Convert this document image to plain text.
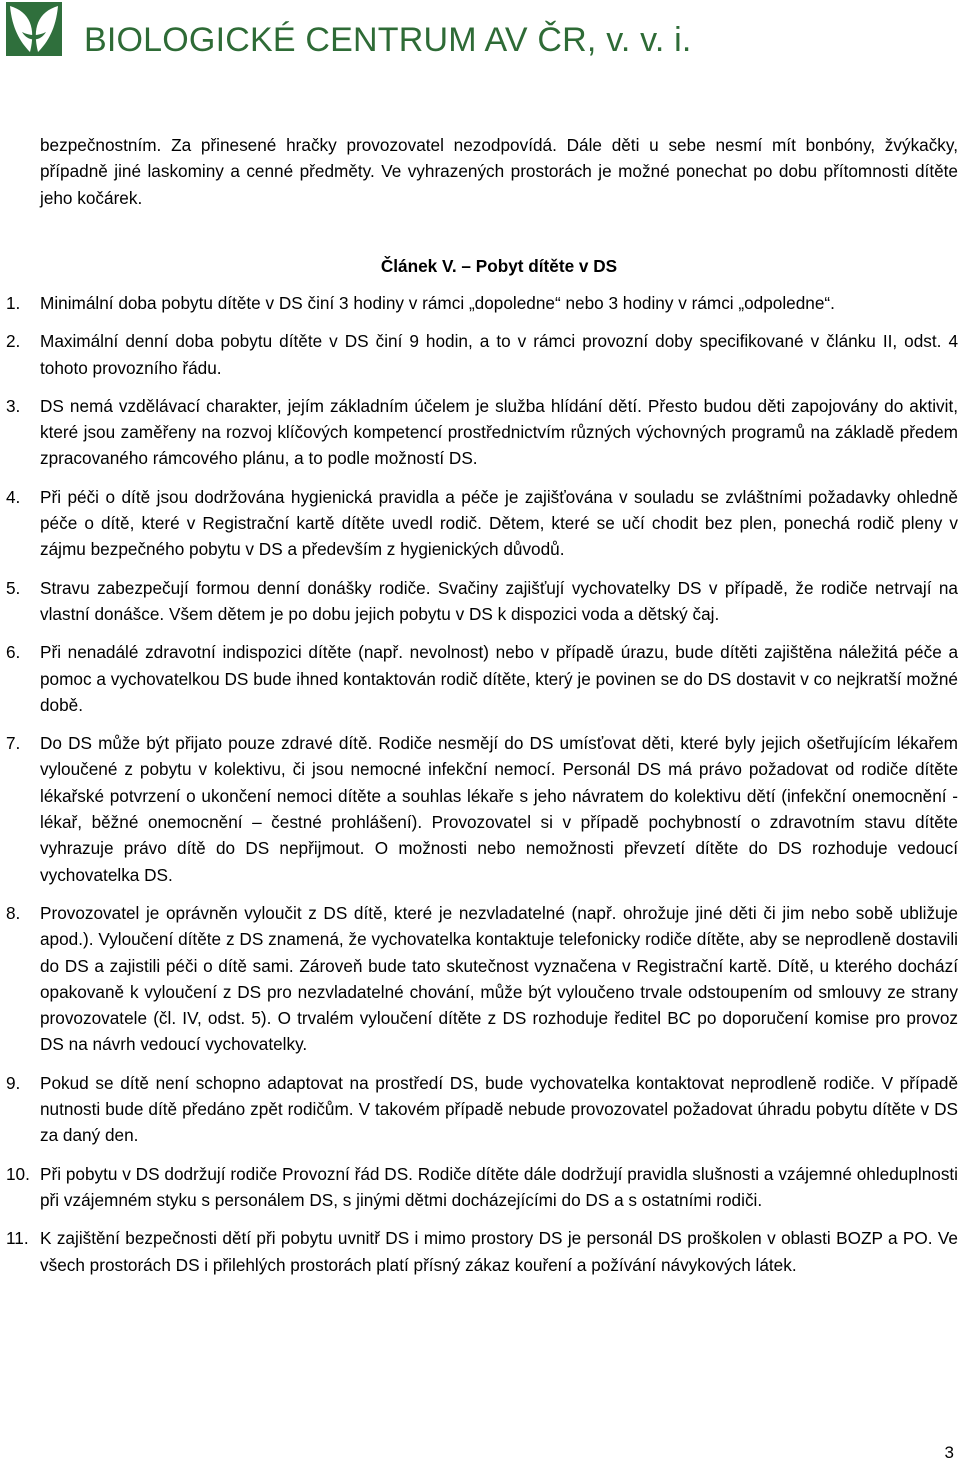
BIOLOGICKÉ CENTRUM AV ČR, v. v. i.

bezpečnostním. Za přinesené hračky provozovatel nezodpovídá. Dále děti u sebe nesmí mít bonbóny, žvýkačky, případně jiné laskominy a cenné předměty. Ve vyhrazených prostorách je možné ponechat po dobu přítomnosti dítěte jeho kočárek.

Článek V. – Pobyt dítěte v DS
1.	Minimální doba pobytu dítěte v DS činí 3 hodiny v rámci „dopoledne“ nebo 3 hodiny v rámci „odpoledne“.
2.	Maximální denní doba pobytu dítěte v DS činí 9 hodin, a to v rámci provozní doby specifikované v článku II, odst. 4 tohoto provozního řádu.
3.	DS nemá vzdělávací charakter, jejím základním účelem je služba hlídání dětí. Přesto budou děti zapojovány do aktivit, které jsou zaměřeny na rozvoj klíčových kompetencí prostřednictvím různých výchovných programů na základě předem zpracovaného rámcového plánu, a to podle možností DS.
4.	Při péči o dítě jsou dodržována hygienická pravidla a péče je zajišťována v souladu se zvláštními požadavky ohledně péče o dítě, které v Registrační kartě dítěte uvedl rodič. Dětem, které se učí chodit bez plen, ponechá rodič pleny v zájmu bezpečného pobytu v DS a především z hygienických důvodů.
5.	Stravu zabezpečují formou denní donášky rodiče. Svačiny zajišťují vychovatelky DS v případě, že rodiče netrvají na vlastní donášce. Všem dětem je po dobu jejich pobytu v DS k dispozici voda a dětský čaj.
6.	Při nenadálé zdravotní indispozici dítěte (např. nevolnost) nebo v případě úrazu, bude dítěti zajištěna náležitá péče a pomoc a vychovatelkou DS bude ihned kontaktován rodič dítěte, který je povinen se do DS dostavit v co nejkratší možné době.
7.	Do DS může být přijato pouze zdravé dítě. Rodiče nesmějí do DS umísťovat děti, které byly jejich ošetřujícím lékařem vyloučené z pobytu v kolektivu, či jsou nemocné infekční nemocí. Personál DS má právo požadovat od rodiče dítěte lékařské potvrzení o ukončení nemoci dítěte a souhlas lékaře s jeho návratem do kolektivu dětí (infekční onemocnění - lékař, běžné onemocnění – čestné prohlášení). Provozovatel si v případě pochybností o zdravotním stavu dítěte vyhrazuje právo dítě do DS nepřijmout. O možnosti nebo nemožnosti převzetí dítěte do DS rozhoduje vedoucí vychovatelka DS.
8.	Provozovatel je oprávněn vyloučit z DS dítě, které je nezvladatelné (např. ohrožuje jiné děti či jim nebo sobě ubližuje apod.). Vyloučení dítěte z DS znamená, že vychovatelka kontaktuje telefonicky rodiče dítěte, aby se neprodleně dostavili do DS a zajistili péči o dítě sami. Zároveň bude tato skutečnost vyznačena v Registrační kartě. Dítě, u kterého dochází opakovaně k vyloučení z DS pro nezvladatelné chování, může být vyloučeno trvale odstoupením od smlouvy ze strany provozovatele (čl. IV, odst. 5). O trvalém vyloučení dítěte z DS rozhoduje ředitel BC po doporučení komise pro provoz DS na návrh vedoucí vychovatelky.
9.	Pokud se dítě není schopno adaptovat na prostředí DS, bude vychovatelka kontaktovat neprodleně rodiče. V případě nutnosti bude dítě předáno zpět rodičům. V takovém případě nebude provozovatel požadovat úhradu pobytu dítěte v DS za daný den.
10. Při pobytu v DS dodržují rodiče Provozní řád DS. Rodiče dítěte dále dodržují pravidla slušnosti a vzájemné ohleduplnosti při vzájemném styku s personálem DS, s jinými dětmi docházejícími do DS a s ostatními rodiči.
11. K zajištění bezpečnosti dětí při pobytu uvnitř DS i mimo prostory DS je personál DS proškolen v oblasti BOZP a PO. Ve všech prostorách DS i přilehlých prostorách platí přísný zákaz kouření a požívání návykových látek.
3
